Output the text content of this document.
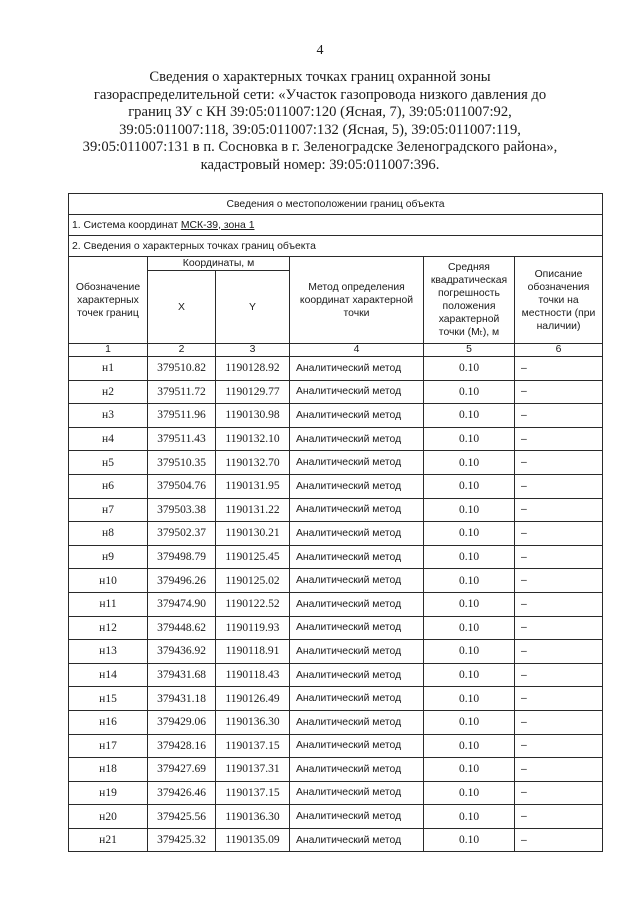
4
Сведения о характерных точках границ охранной зоны
газораспределительной сети: «Участок газопровода низкого давления до
границ ЗУ с КН 39:05:011007:120 (Ясная, 7), 39:05:011007:92,
39:05:011007:118, 39:05:011007:132 (Ясная, 5), 39:05:011007:119,
39:05:011007:131 в п. Сосновка в г. Зеленоградске Зеленоградского района»,
кадастровый номер: 39:05:011007:396.
Сведения о местоположении границ объекта					
1. Система координат МСК-39, зона 1					
2. Сведения о характерных точках границ объекта					
Обозначение характерных точек границ	Координаты, м		Метод определения координат характерной точки	Средняя квадратическая погрешность положения характерной точки (Mₜ), м	Описание обозначения точки на местности (при наличии)
	X	Y			
1	2	3	4	5	6
н1	379510.82	1190128.92	Аналитический метод	0.10	–
н2	379511.72	1190129.77	Аналитический метод	0.10	–
н3	379511.96	1190130.98	Аналитический метод	0.10	–
н4	379511.43	1190132.10	Аналитический метод	0.10	–
н5	379510.35	1190132.70	Аналитический метод	0.10	–
н6	379504.76	1190131.95	Аналитический метод	0.10	–
н7	379503.38	1190131.22	Аналитический метод	0.10	–
н8	379502.37	1190130.21	Аналитический метод	0.10	–
н9	379498.79	1190125.45	Аналитический метод	0.10	–
н10	379496.26	1190125.02	Аналитический метод	0.10	–
н11	379474.90	1190122.52	Аналитический метод	0.10	–
н12	379448.62	1190119.93	Аналитический метод	0.10	–
н13	379436.92	1190118.91	Аналитический метод	0.10	–
н14	379431.68	1190118.43	Аналитический метод	0.10	–
н15	379431.18	1190126.49	Аналитический метод	0.10	–
н16	379429.06	1190136.30	Аналитический метод	0.10	–
н17	379428.16	1190137.15	Аналитический метод	0.10	–
н18	379427.69	1190137.31	Аналитический метод	0.10	–
н19	379426.46	1190137.15	Аналитический метод	0.10	–
н20	379425.56	1190136.30	Аналитический метод	0.10	–
н21	379425.32	1190135.09	Аналитический метод	0.10	–
